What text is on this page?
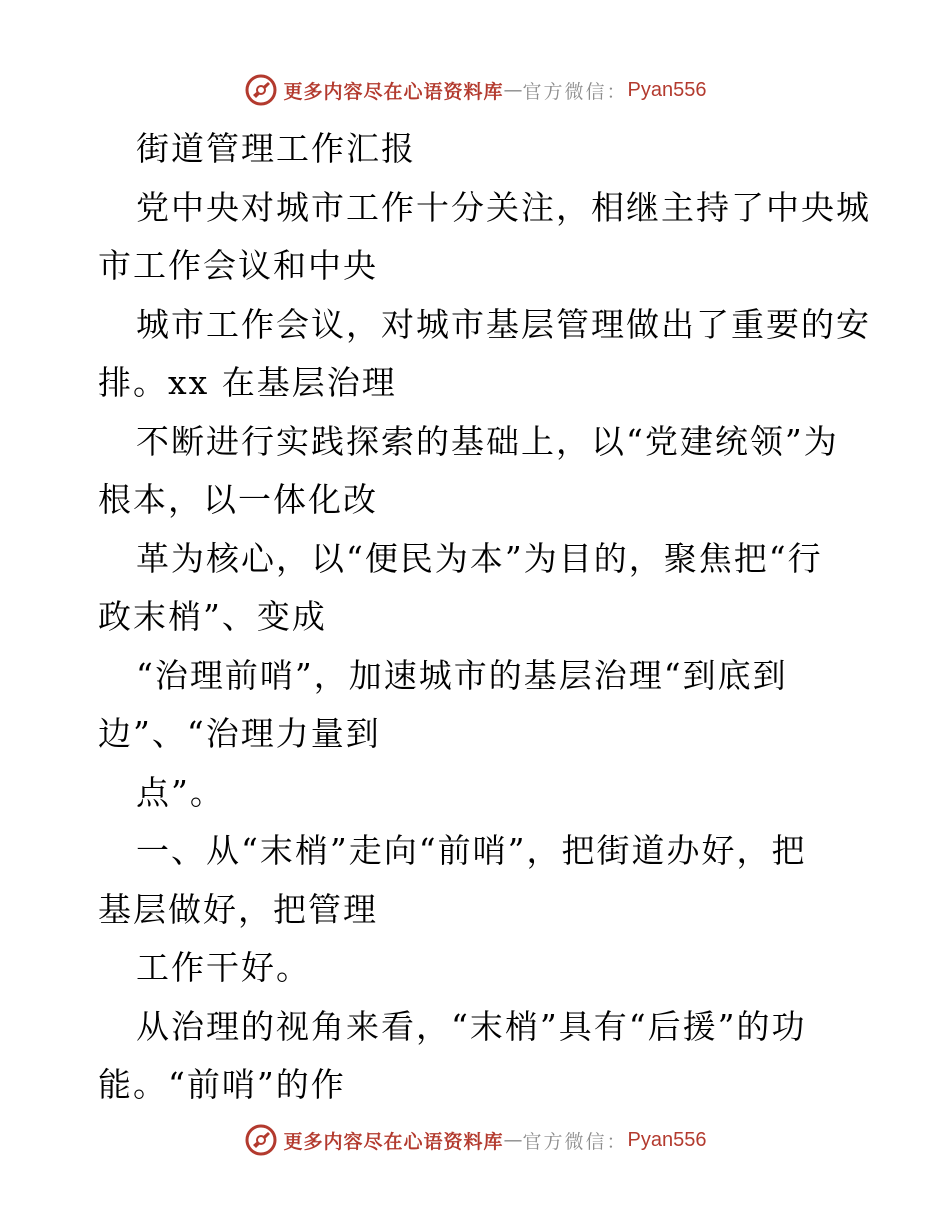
更多内容尽在心语资料库 — 官方微信： Pyan556
街道管理工作汇报
党中央对城市工作十分关注，相继主持了中央城
市工作会议和中央
城市工作会议，对城市基层管理做出了重要的安
排。xx 在基层治理
不断进行实践探索的基础上，以“党建统领”为
根本，以一体化改
革为核心，以“便民为本”为目的，聚焦把“行
政末梢”、变成
“治理前哨”，加速城市的基层治理“到底到
边”、“治理力量到
点”。
一、从“末梢”走向“前哨”，把街道办好，把
基层做好，把管理
工作干好。
从治理的视角来看，“末梢”具有“后援”的功
能。“前哨”的作
更多内容尽在心语资料库 — 官方微信： Pyan556
